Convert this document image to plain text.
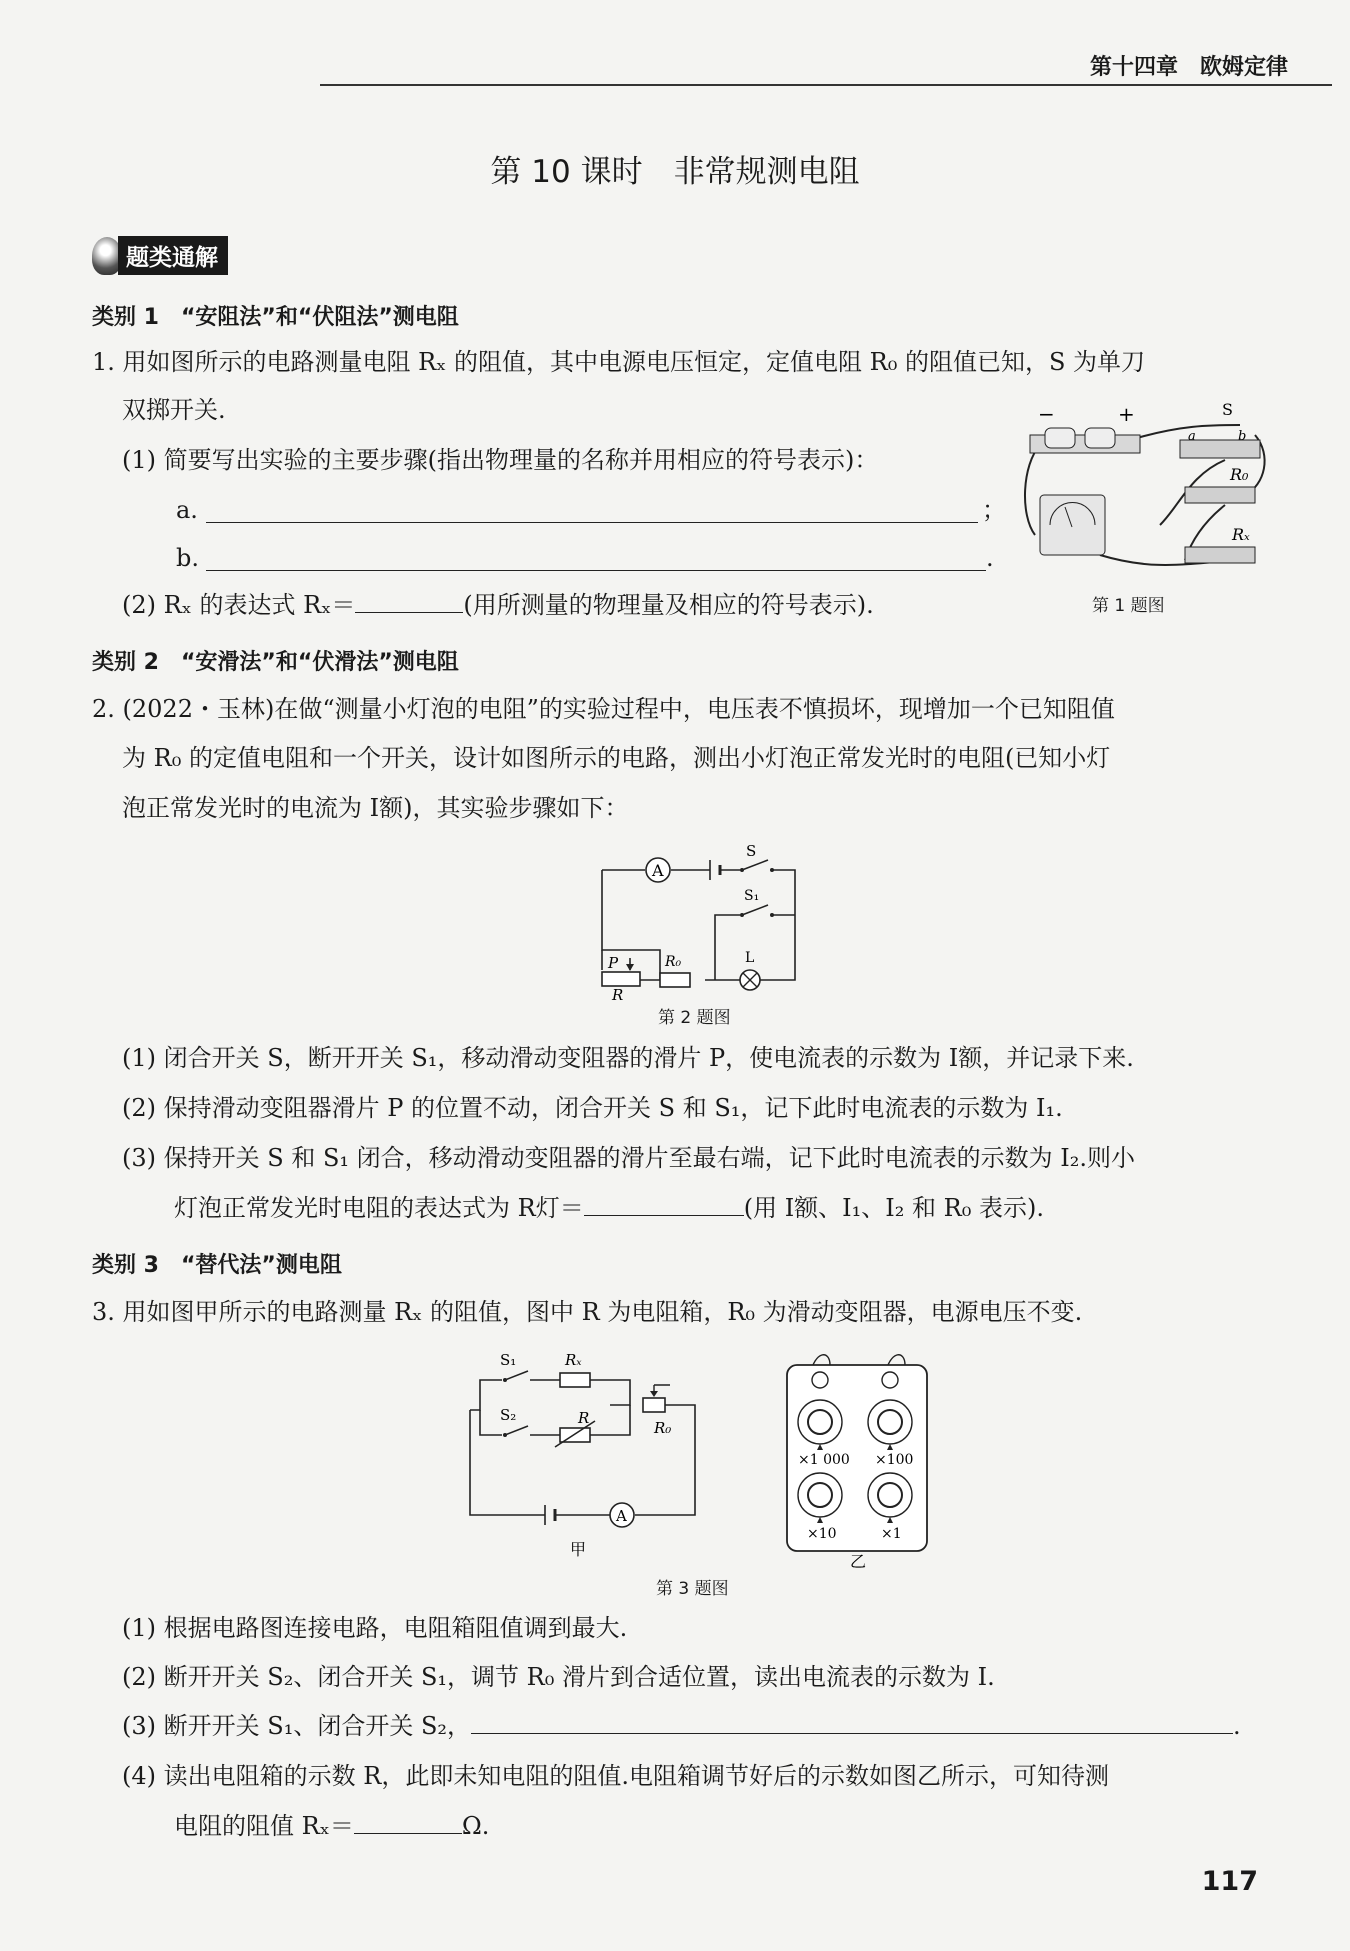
第十四章　欧姆定律
第 10 课时　非常规测电阻
题类通解
类别 1　“安阻法”和“伏阻法”测电阻
1. 用如图所示的电路测量电阻 Rₓ 的阻值，其中电源电压恒定，定值电阻 R₀ 的阻值已知，S 为单刀
双掷开关.
(1) 简要写出实验的主要步骤(指出物理量的名称并用相应的符号表示)：
a.	；
b.	.
(2) Rₓ 的表达式 Rₓ＝	(用所测量的物理量及相应的符号表示).
−	+	S
a	b
R₀
Rₓ
第 1 题图
类别 2　“安滑法”和“伏滑法”测电阻
2. (2022・玉林)在做“测量小灯泡的电阻”的实验过程中，电压表不慎损坏，现增加一个已知阻值
为 R₀ 的定值电阻和一个开关，设计如图所示的电路，测出小灯泡正常发光时的电阻(已知小灯
泡正常发光时的电流为 I额)，其实验步骤如下：
A
S
S₁
P
R
R₀	L
第 2 题图
(1) 闭合开关 S，断开开关 S₁，移动滑动变阻器的滑片 P，使电流表的示数为 I额，并记录下来.
(2) 保持滑动变阻器滑片 P 的位置不动，闭合开关 S 和 S₁，记下此时电流表的示数为 I₁.
(3) 保持开关 S 和 S₁ 闭合，移动滑动变阻器的滑片至最右端，记下此时电流表的示数为 I₂.则小
灯泡正常发光时电阻的表达式为 R灯＝	(用 I额、I₁、I₂ 和 R₀ 表示).
类别 3　“替代法”测电阻
3. 用如图甲所示的电路测量 Rₓ 的阻值，图中 R 为电阻箱，R₀ 为滑动变阻器，电源电压不变.
S₁
S₂
Rₓ
R
R₀
A
甲
×1 000 ×100
×10	×1
乙
第 3 题图
(1) 根据电路图连接电路，电阻箱阻值调到最大.
(2) 断开开关 S₂、闭合开关 S₁，调节 R₀ 滑片到合适位置，读出电流表的示数为 I.
(3) 断开开关 S₁、闭合开关 S₂，	.
(4) 读出电阻箱的示数 R，此即未知电阻的阻值.电阻箱调节好后的示数如图乙所示，可知待测
电阻的阻值 Rₓ＝	Ω.
117
